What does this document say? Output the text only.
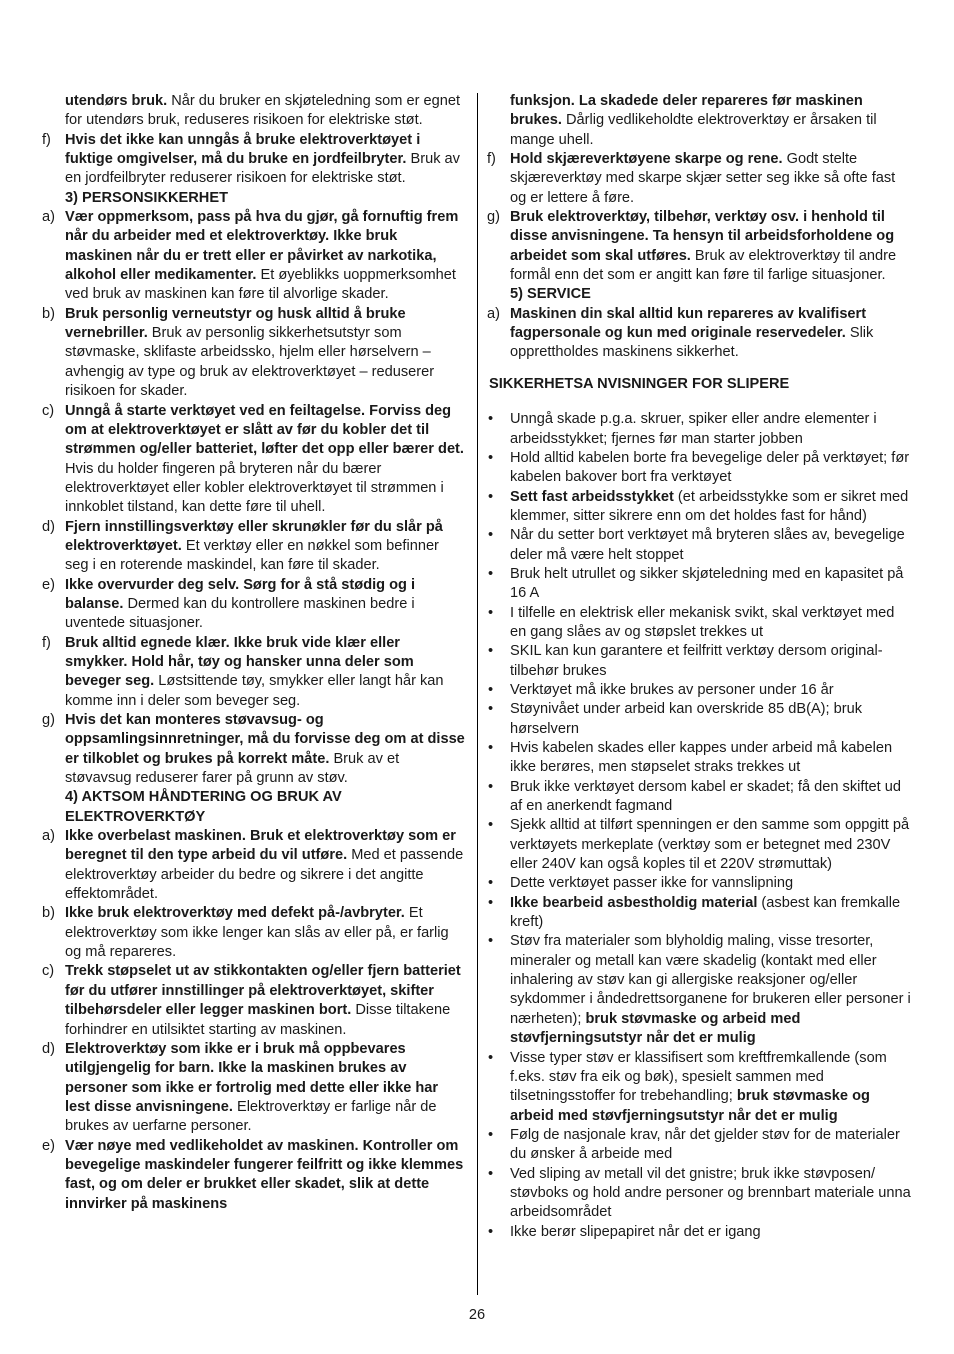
utendørs bruk. Når du bruker en skjøteledning som er egnet for utendørs bruk, reduseres risikoen for elektriske støt.
f) Hvis det ikke kan unngås å bruke elektroverktøyet i fuktige omgivelser, må du bruke en jordfeilbryter. Bruk av en jordfeilbryter reduserer risikoen for elektriske støt.
3) PERSONSIKKERHET
a) Vær oppmerksom, pass på hva du gjør, gå fornuftig frem når du arbeider med et elektroverktøy. Ikke bruk maskinen når du er trett eller er påvirket av narkotika, alkohol eller medikamenter. Et øyeblikks uoppmerksomhet ved bruk av maskinen kan føre til alvorlige skader.
b) Bruk personlig verneutstyr og husk alltid å bruke vernebriller. Bruk av personlig sikkerhetsutstyr som støvmaske, sklifaste arbeidssko, hjelm eller hørselvern – avhengig av type og bruk av elektroverktøyet – reduserer risikoen for skader.
c) Unngå å starte verktøyet ved en feiltagelse. Forviss deg om at elektroverktøyet er slått av før du kobler det til strømmen og/eller batteriet, løfter det opp eller bærer det. Hvis du holder fingeren på bryteren når du bærer elektroverktøyet eller kobler elektroverktøyet til strømmen i innkoblet tilstand, kan dette føre til uhell.
d) Fjern innstillingsverktøy eller skrunøkler før du slår på elektroverktøyet. Et verktøy eller en nøkkel som befinner seg i en roterende maskindel, kan føre til skader.
e) Ikke overvurder deg selv. Sørg for å stå stødig og i balanse. Dermed kan du kontrollere maskinen bedre i uventede situasjoner.
f) Bruk alltid egnede klær. Ikke bruk vide klær eller smykker. Hold hår, tøy og hansker unna deler som beveger seg. Løstsittende tøy, smykker eller langt hår kan komme inn i deler som beveger seg.
g) Hvis det kan monteres støvavsug- og oppsamlingsinnretninger, må du forvisse deg om at disse er tilkoblet og brukes på korrekt måte. Bruk av et støvavsug reduserer farer på grunn av støv.
4) AKTSOM HÅNDTERING OG BRUK AV ELEKTROVERKTØY
a) Ikke overbelast maskinen. Bruk et elektroverktøy som er beregnet til den type arbeid du vil utføre. Med et passende elektroverktøy arbeider du bedre og sikrere i det angitte effektområdet.
b) Ikke bruk elektroverktøy med defekt på-/avbryter. Et elektroverktøy som ikke lenger kan slås av eller på, er farlig og må repareres.
c) Trekk støpselet ut av stikkontakten og/eller fjern batteriet før du utfører innstillinger på elektroverktøyet, skifter tilbehørsdeler eller legger maskinen bort. Disse tiltakene forhindrer en utilsiktet starting av maskinen.
d) Elektroverktøy som ikke er i bruk må oppbevares utilgjengelig for barn. Ikke la maskinen brukes av personer som ikke er fortrolig med dette eller ikke har lest disse anvisningene. Elektroverktøy er farlige når de brukes av uerfarne personer.
e) Vær nøye med vedlikeholdet av maskinen. Kontroller om bevegelige maskindeler fungerer feilfritt og ikke klemmes fast, og om deler er brukket eller skadet, slik at dette innvirker på maskinens
funksjon. La skadede deler repareres før maskinen brukes. Dårlig vedlikeholdte elektroverktøy er årsaken til mange uhell.
f) Hold skjæreverktøyene skarpe og rene. Godt stelte skjæreverktøy med skarpe skjær setter seg ikke så ofte fast og er lettere å føre.
g) Bruk elektroverktøy, tilbehør, verktøy osv. i henhold til disse anvisningene. Ta hensyn til arbeidsforholdene og arbeidet som skal utføres. Bruk av elektroverktøy til andre formål enn det som er angitt kan føre til farlige situasjoner.
5) SERVICE
a) Maskinen din skal alltid kun repareres av kvalifisert fagpersonale og kun med originale reservedeler. Slik opprettholdes maskinens sikkerhet.
SIKKERHETSA NVISNINGER FOR SLIPERE
• Unngå skade p.g.a. skruer, spiker eller andre elementer i arbeidsstykket; fjernes før man starter jobben
• Hold alltid kabelen borte fra bevegelige deler på verktøyet; før kabelen bakover bort fra verktøyet
• Sett fast arbeidsstykket (et arbeidsstykke som er sikret med klemmer, sitter sikrere enn om det holdes fast for hånd)
• Når du setter bort verktøyet må bryteren slåes av, bevegelige deler må være helt stoppet
• Bruk helt utrullet og sikker skjøteledning med en kapasitet på 16 A
• I tilfelle en elektrisk eller mekanisk svikt, skal verktøyet med en gang slåes av og støpslet trekkes ut
• SKIL kan kun garantere et feilfritt verktøy dersom original-tilbehør brukes
• Verktøyet må ikke brukes av personer under 16 år
• Støynivået under arbeid kan overskride 85 dB(A); bruk hørselvern
• Hvis kabelen skades eller kappes under arbeid må kabelen ikke berøres, men støpselet straks trekkes ut
• Bruk ikke verktøyet dersom kabel er skadet; få den skiftet ud af en anerkendt fagmand
• Sjekk alltid at tilført spenningen er den samme som oppgitt på verktøyets merkeplate (verktøy som er betegnet med 230V eller 240V kan også koples til et 220V strømuttak)
• Dette verktøyet passer ikke for vannslipning
• Ikke bearbeid asbestholdig material (asbest kan fremkalle kreft)
• Støv fra materialer som blyholdig maling, visse tresorter, mineraler og metall kan være skadelig (kontakt med eller inhalering av støv kan gi allergiske reaksjoner og/eller sykdommer i åndedrettsorganene for brukeren eller personer i nærheten); bruk støvmaske og arbeid med støvfjerningsutstyr når det er mulig
• Visse typer støv er klassifisert som kreftfremkallende (som f.eks. støv fra eik og bøk), spesielt sammen med tilsetningsstoffer for trebehandling; bruk støvmaske og arbeid med støvfjerningsutstyr når det er mulig
• Følg de nasjonale krav, når det gjelder støv for de materialer du ønsker å arbeide med
• Ved sliping av metall vil det gnistre; bruk ikke støvposen/ støvboks og hold andre personer og brennbart materiale unna arbeidsområdet
• Ikke berør slipepapiret når det er igang
26
